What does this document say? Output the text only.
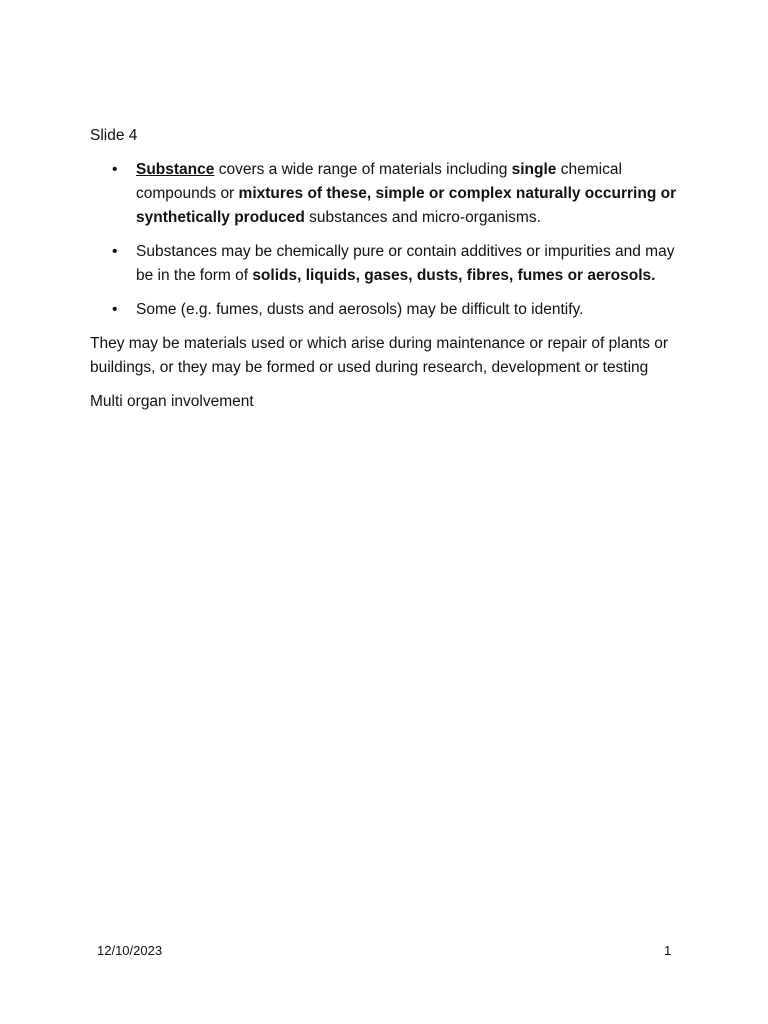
Slide 4
• Substance covers a wide range of materials including single chemical compounds or mixtures of these, simple or complex naturally occurring or synthetically produced substances and micro-organisms.
• Substances may be chemically pure or contain additives or impurities and may be in the form of solids, liquids, gases, dusts, fibres, fumes or aerosols.
• Some (e.g. fumes, dusts and aerosols) may be difficult to identify.

They may be materials used or which arise during maintenance or repair of plants or buildings, or they may be formed or used during research, development or testing

Multi organ involvement

12/10/2023	1
